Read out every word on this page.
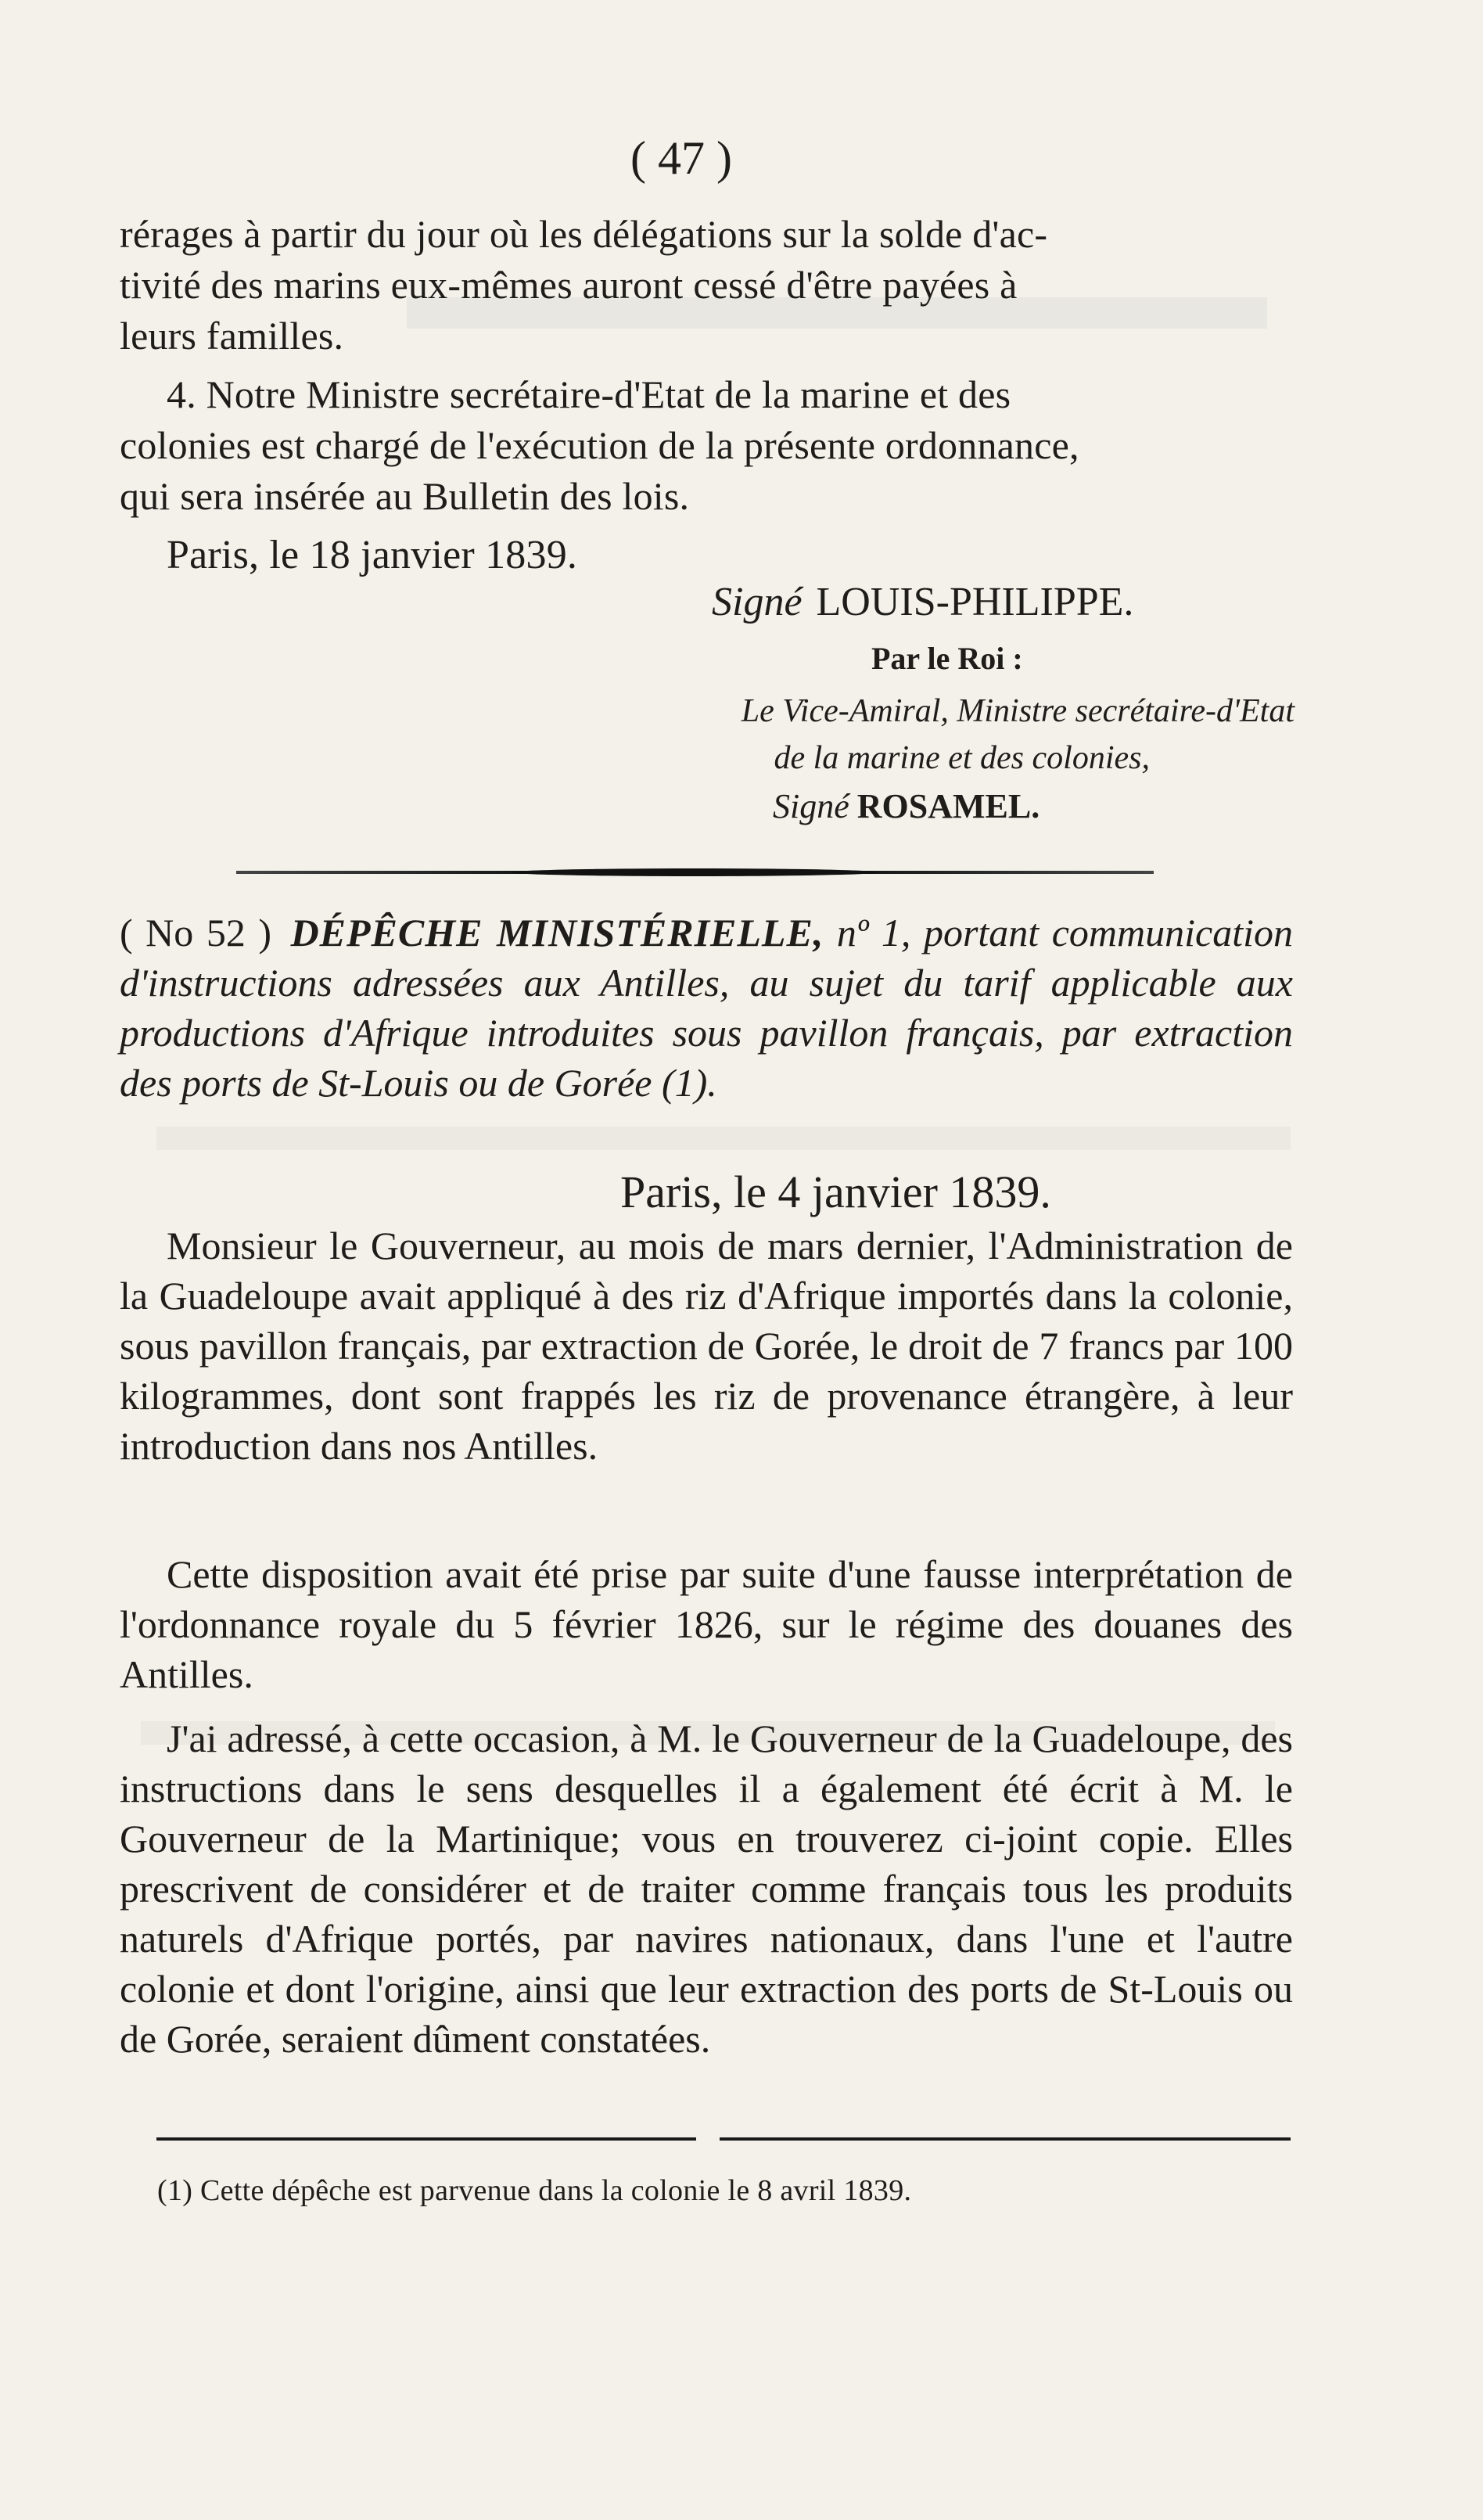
( 47 )
rérages à partir du jour où les délégations sur la solde d'ac-
tivité des marins eux-mêmes auront cessé d'être payées à
leurs familles.
4. Notre Ministre secrétaire-d'Etat de la marine et des
colonies est chargé de l'exécution de la présente ordonnance,
qui sera insérée au Bulletin des lois.
Paris, le 18 janvier 1839.
Signé LOUIS-PHILIPPE.
Par le Roi :
Le Vice-Amiral, Ministre secrétaire-d'Etat
de la marine et des colonies,
Signé ROSAMEL.
( No 52 ) DÉPÊCHE MINISTÉRIELLE, nº 1, portant communication d'instructions adressées aux Antilles, au sujet du tarif applicable aux productions d'Afrique introduites sous pavillon français, par extraction des ports de St-Louis ou de Gorée (1).
Paris, le 4 janvier 1839.

Monsieur le Gouverneur, au mois de mars dernier, l'Administration de la Guadeloupe avait appliqué à des riz d'Afrique importés dans la colonie, sous pavillon français, par extraction de Gorée, le droit de 7 francs par 100 kilogrammes, dont sont frappés les riz de provenance étrangère, à leur introduction dans nos Antilles.

Cette disposition avait été prise par suite d'une fausse interprétation de l'ordonnance royale du 5 février 1826, sur le régime des douanes des Antilles.

J'ai adressé, à cette occasion, à M. le Gouverneur de la Guadeloupe, des instructions dans le sens desquelles il a également été écrit à M. le Gouverneur de la Martinique; vous en trouverez ci-joint copie. Elles prescrivent de considérer et de traiter comme français tous les produits naturels d'Afrique portés, par navires nationaux, dans l'une et l'autre colonie et dont l'origine, ainsi que leur extraction des ports de St-Louis ou de Gorée, seraient dûment constatées.

(1) Cette dépêche est parvenue dans la colonie le 8 avril 1839.
